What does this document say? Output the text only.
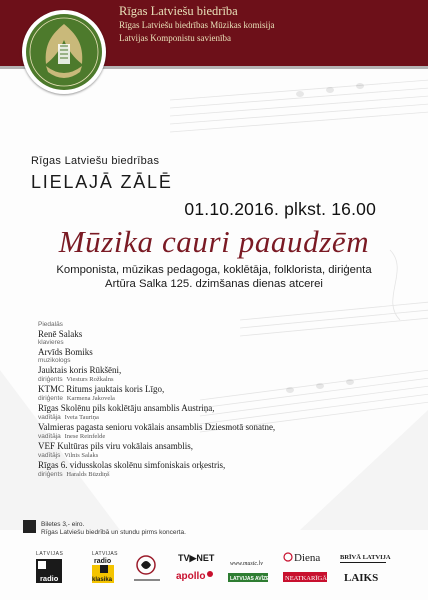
Rīgas Latviešu biedrība
Rīgas Latviešu biedrības Mūzikas komisija
Latvijas Komponistu savienība
Rīgas Latviešu biedrības
LIELAJĀ ZĀLĒ
01.10.2016. plkst. 16.00
Mūzika cauri paaudzēm
Komponista, mūzikas pedagoga, koklētāja, folklorista, diriģenta
Artūra Salka 125. dzimšanas dienas atcerei
Piedalās
Renē Salaks
klavieres
Arvīds Bomiks
muzikologs
Jauktais koris Rūkšēni,
diriģents Viesturs Rožkalns
KTMC Ritums jauktais koris Līgo,
diriģente Karmena Jakovela
Rīgas Skolēnu pils koklētāju ansamblis Austriņa,
vadītāja Iveta Tauriņa
Valmieras pagasta senioru vokālais ansamblis Dziesmotā sonatne,
vadītāja Inese Reinfelde
VEF Kultūras pils viru vokālais ansamblis,
vadītājs Vilnis Salaks
Rīgas 6. vidusskolas skolēnu simfoniskais orķestris,
diriģents Haralds Būzdiņš
Biletes 3,- eiro.
Rīgas Latviešu biedrībā un stundu pirms koncerta.
LATVIJAS
radio
LATVIJAS
radio
klasika
TV▶NET
apollo
www.music.lv
LATVIJAS AVĪZE
Diena
NEATKARĪGĀ
BRĪVĀ LATVIJA
LAIKS
